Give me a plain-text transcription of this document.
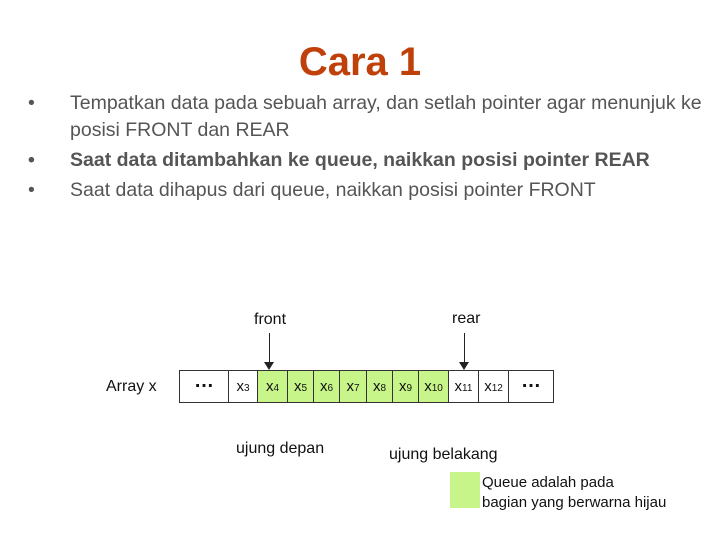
Cara 1
• Tempatkan data pada sebuah array, dan setlah pointer agar menunjuk ke posisi FRONT dan REAR
• Saat data ditambahkan ke queue, naikkan posisi pointer REAR
• Saat data dihapus dari queue, naikkan posisi pointer FRONT
front	rear
Array x … $x_3$ $x_4$ $x_5$ $x_6$ $x_7$ $x_8$ $x_9$ $x_{10}$ $x_{11}$ $x_{12}$ …
ujung depan	ujung belakang
Queue adalah pada
bagian yang berwarna hijau
